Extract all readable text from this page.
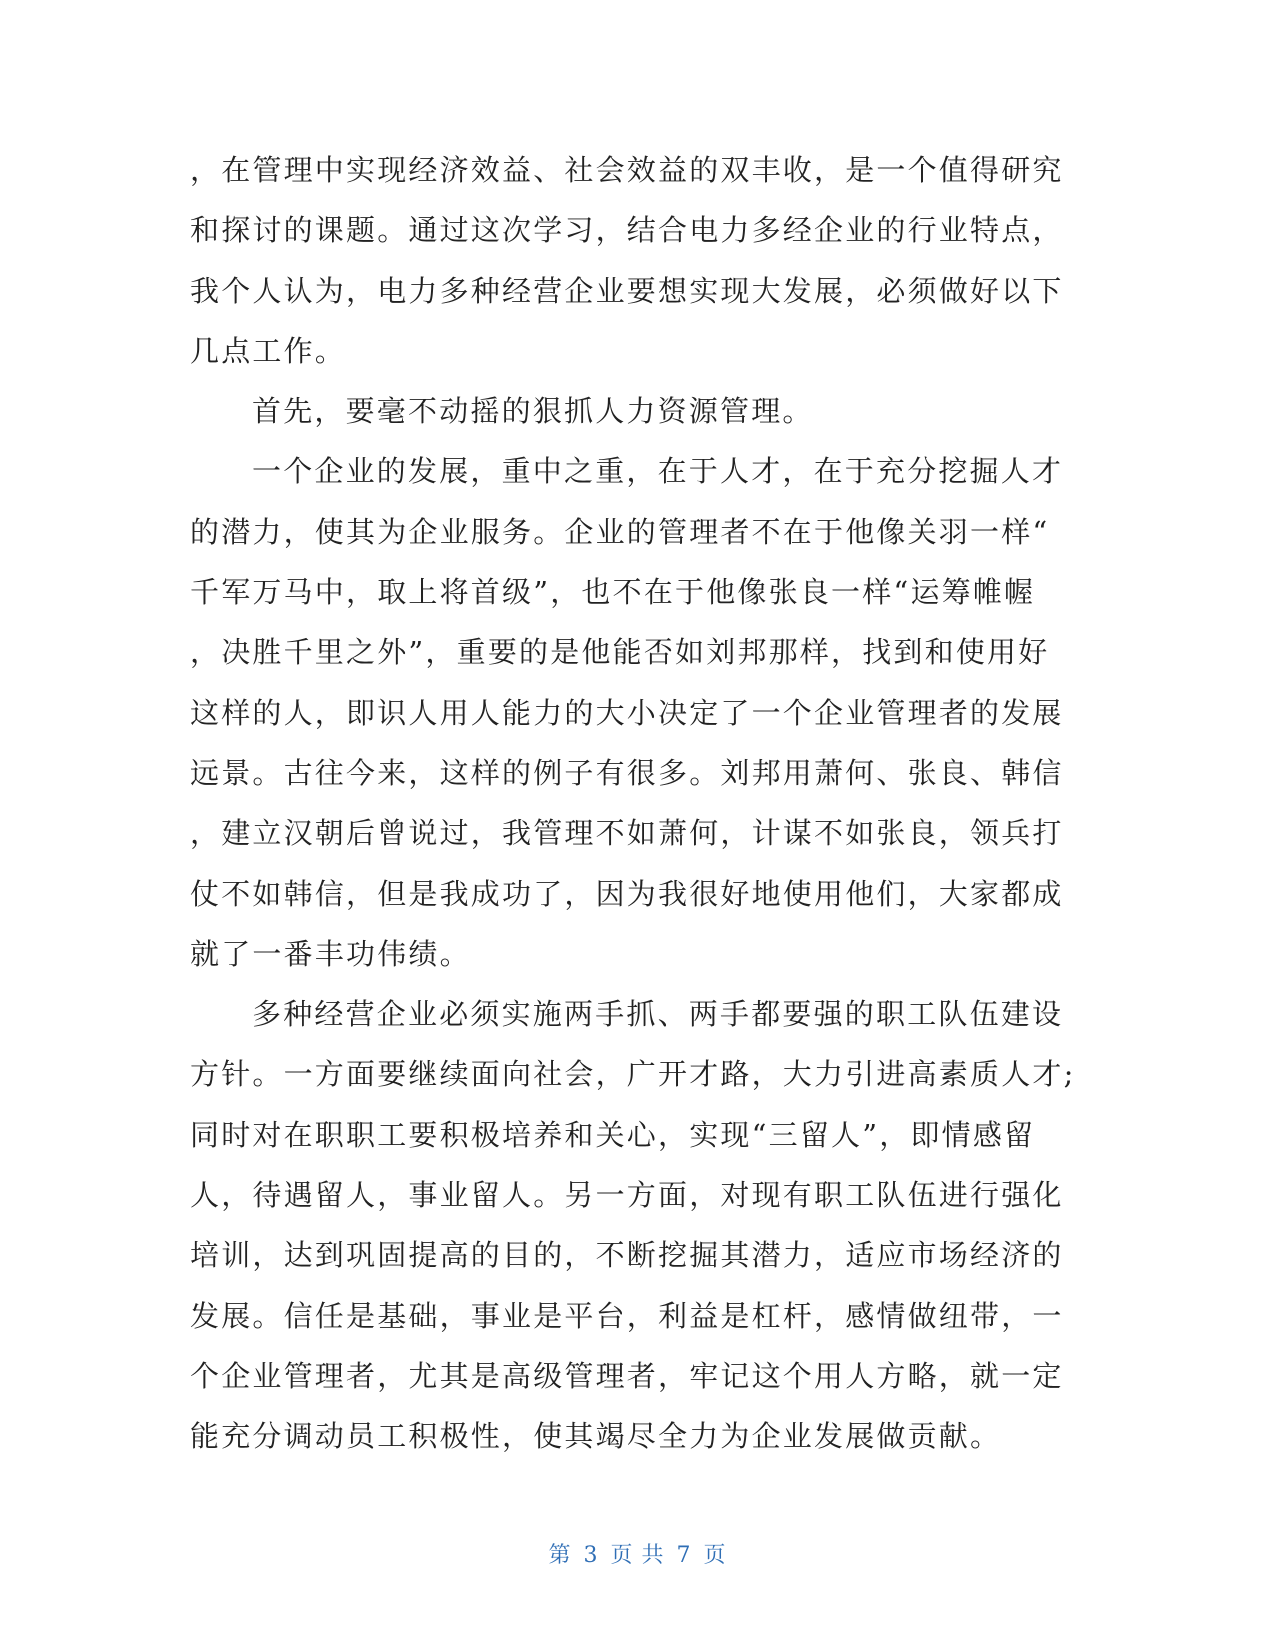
，在管理中实现经济效益、社会效益的双丰收，是一个值得研究
和探讨的课题。通过这次学习，结合电力多经企业的行业特点，
我个人认为，电力多种经营企业要想实现大发展，必须做好以下
几点工作。
首先，要毫不动摇的狠抓人力资源管理。
一个企业的发展，重中之重，在于人才，在于充分挖掘人才
的潜力，使其为企业服务。企业的管理者不在于他像关羽一样“
千军万马中，取上将首级”，也不在于他像张良一样“运筹帷幄
，决胜千里之外”，重要的是他能否如刘邦那样，找到和使用好
这样的人，即识人用人能力的大小决定了一个企业管理者的发展
远景。古往今来，这样的例子有很多。刘邦用萧何、张良、韩信
，建立汉朝后曾说过，我管理不如萧何，计谋不如张良，领兵打
仗不如韩信，但是我成功了，因为我很好地使用他们，大家都成
就了一番丰功伟绩。
多种经营企业必须实施两手抓、两手都要强的职工队伍建设
方针。一方面要继续面向社会，广开才路，大力引进高素质人才;
同时对在职职工要积极培养和关心，实现“三留人”，即情感留
人，待遇留人，事业留人。另一方面，对现有职工队伍进行强化
培训，达到巩固提高的目的，不断挖掘其潜力，适应市场经济的
发展。信任是基础，事业是平台，利益是杠杆，感情做纽带，一
个企业管理者，尤其是高级管理者，牢记这个用人方略，就一定
能充分调动员工积极性，使其竭尽全力为企业发展做贡献。
第 3 页 共 7 页
